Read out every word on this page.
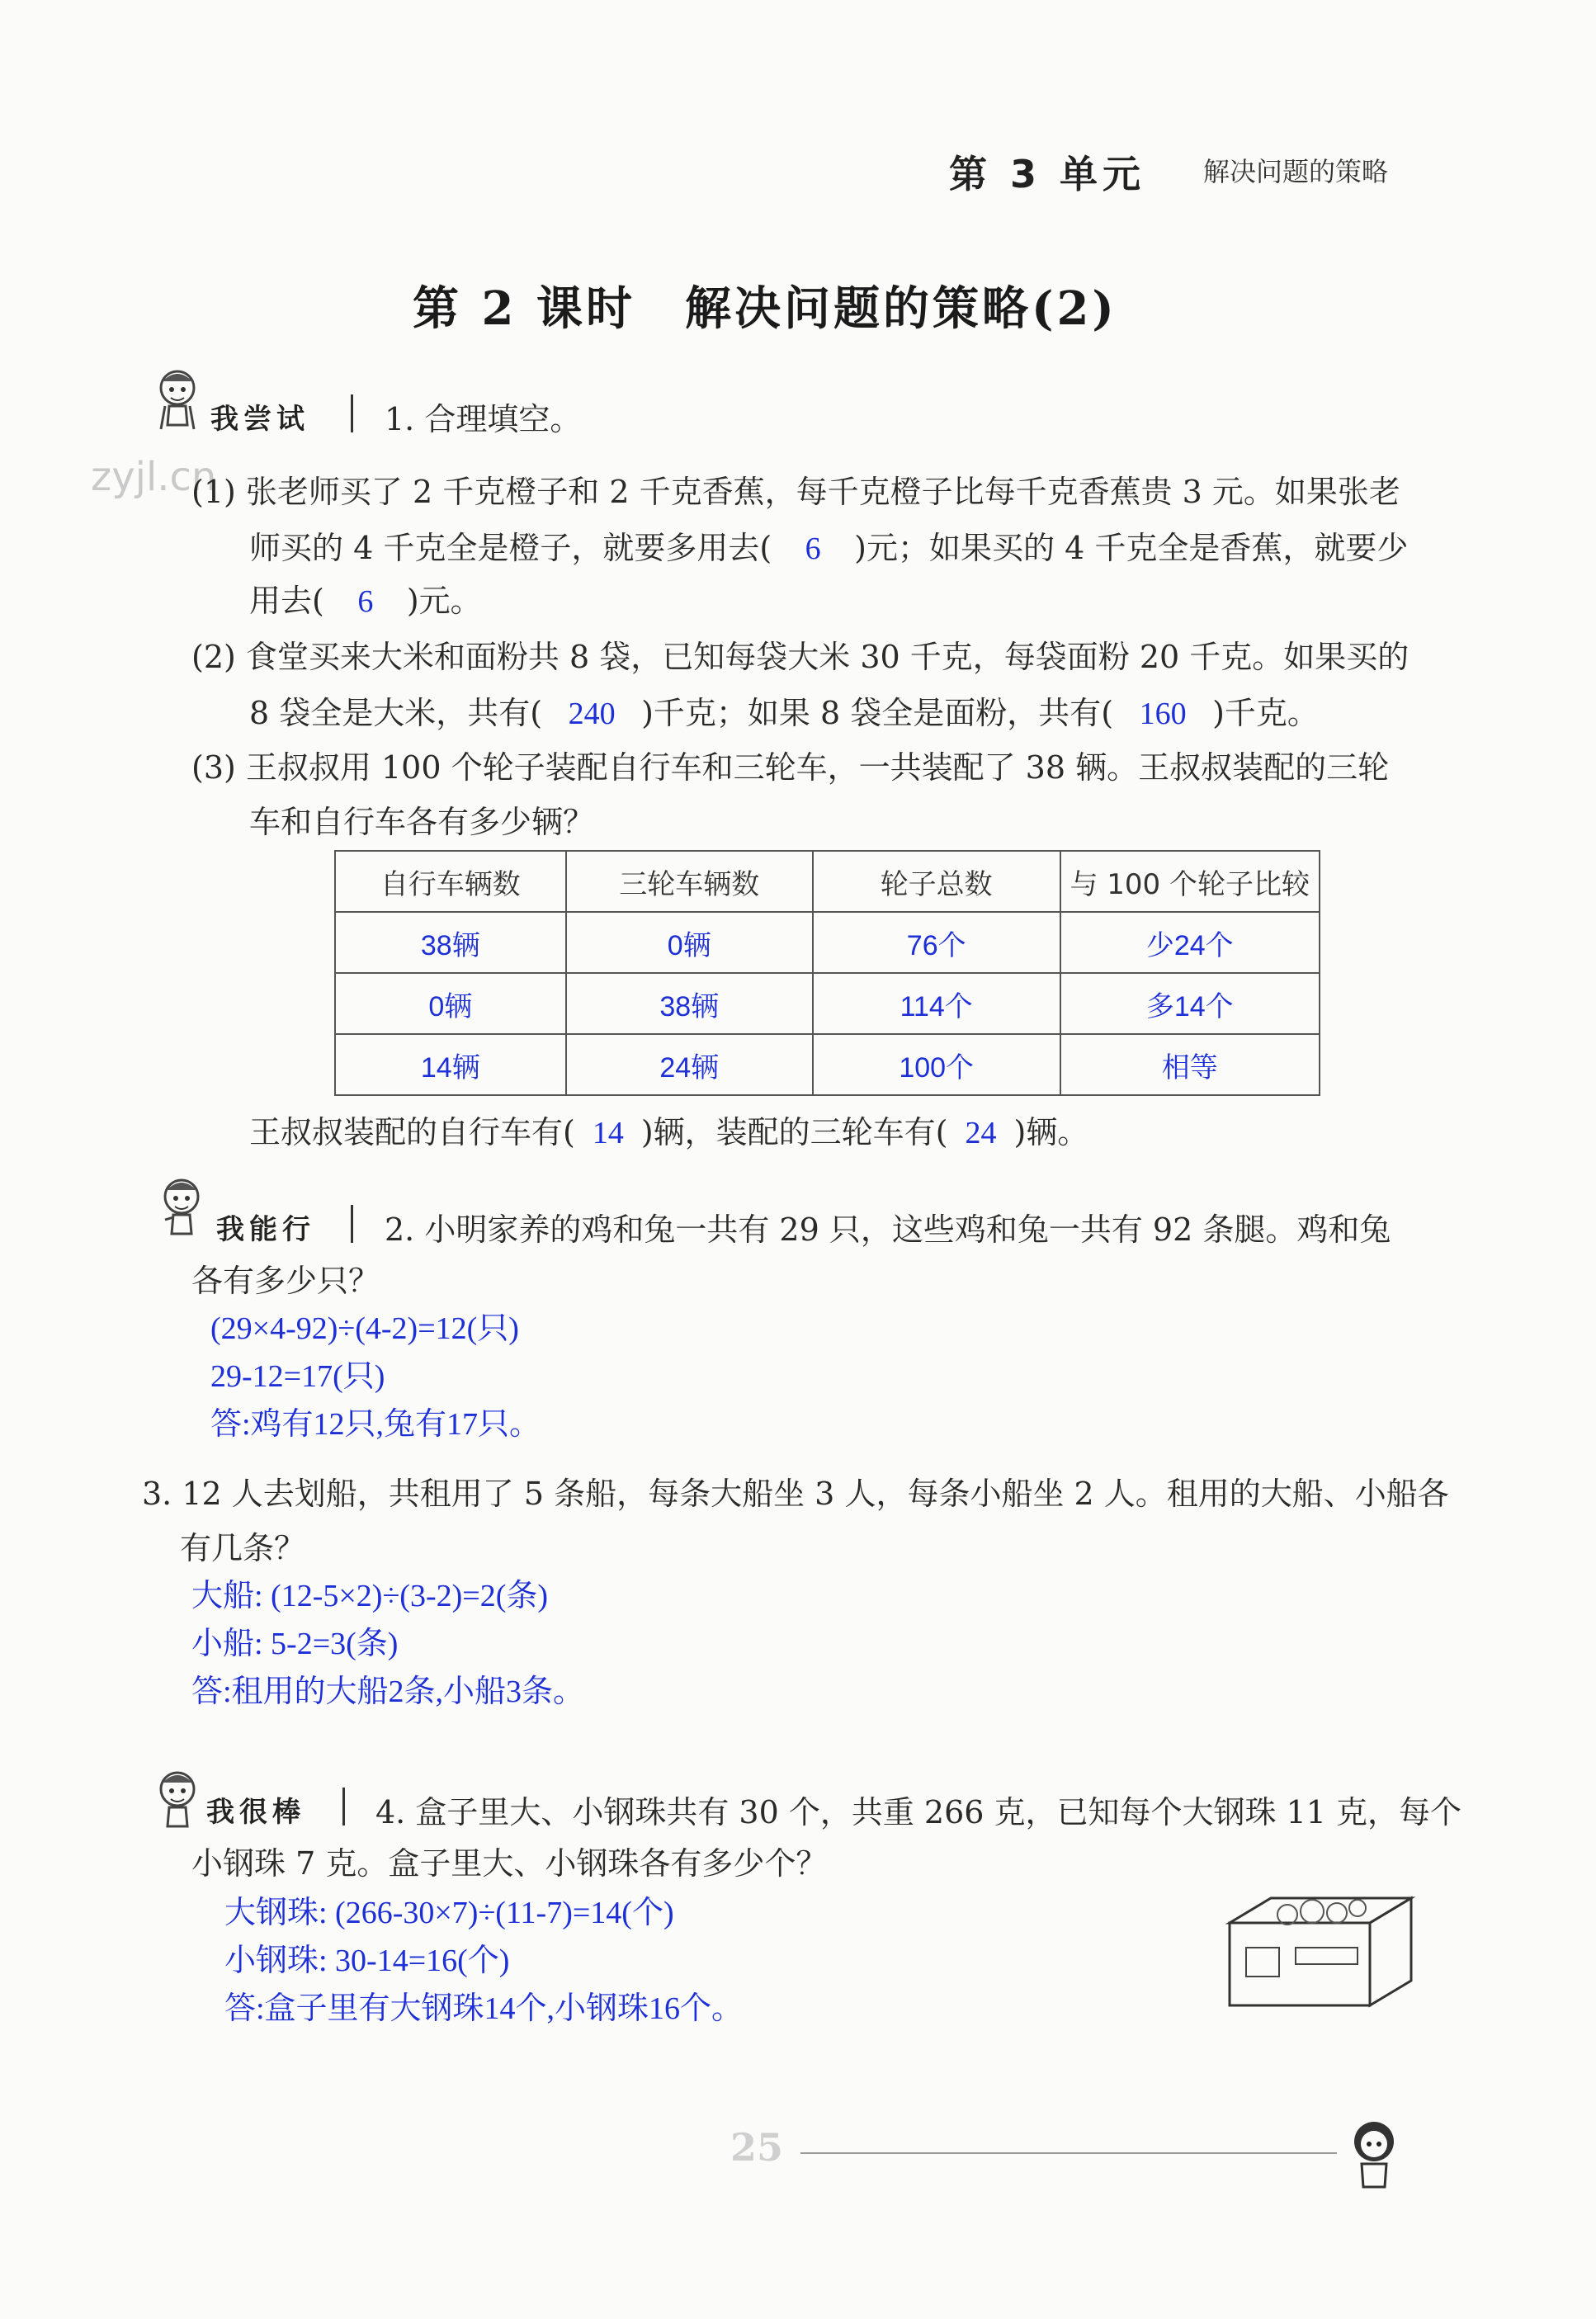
第 3 单元 解决问题的策略
第 2 课时　解决问题的策略(2)
zyjl.cn
我尝试 1. 合理填空。
(1) 张老师买了 2 千克橙子和 2 千克香蕉，每千克橙子比每千克香蕉贵 3 元。如果张老
师买的 4 千克全是橙子，就要多用去( 6 )元；如果买的 4 千克全是香蕉，就要少
用去( 6 )元。
(2) 食堂买来大米和面粉共 8 袋，已知每袋大米 30 千克，每袋面粉 20 千克。如果买的
8 袋全是大米，共有( 240 )千克；如果 8 袋全是面粉，共有( 160 )千克。
(3) 王叔叔用 100 个轮子装配自行车和三轮车，一共装配了 38 辆。王叔叔装配的三轮
车和自行车各有多少辆？
自行车辆数	三轮车辆数	轮子总数	与 100 个轮子比较
38辆	0辆	76个	少24个
0辆	38辆	114个	多14个
14辆	24辆	100个	相等
王叔叔装配的自行车有( 14 )辆，装配的三轮车有( 24 )辆。
我能行 2. 小明家养的鸡和兔一共有 29 只，这些鸡和兔一共有 92 条腿。鸡和兔
各有多少只？
(29×4-92)÷(4-2)=12(只)
29-12=17(只)
答:鸡有12只,兔有17只。
3. 12 人去划船，共租用了 5 条船，每条大船坐 3 人，每条小船坐 2 人。租用的大船、小船各
有几条？
大船: (12-5×2)÷(3-2)=2(条)
小船: 5-2=3(条)
答:租用的大船2条,小船3条。
我很棒 4. 盒子里大、小钢珠共有 30 个，共重 266 克，已知每个大钢珠 11 克，每个
小钢珠 7 克。盒子里大、小钢珠各有多少个？
大钢珠: (266-30×7)÷(11-7)=14(个)
小钢珠: 30-14=16(个)
答:盒子里有大钢珠14个,小钢珠16个。
25
